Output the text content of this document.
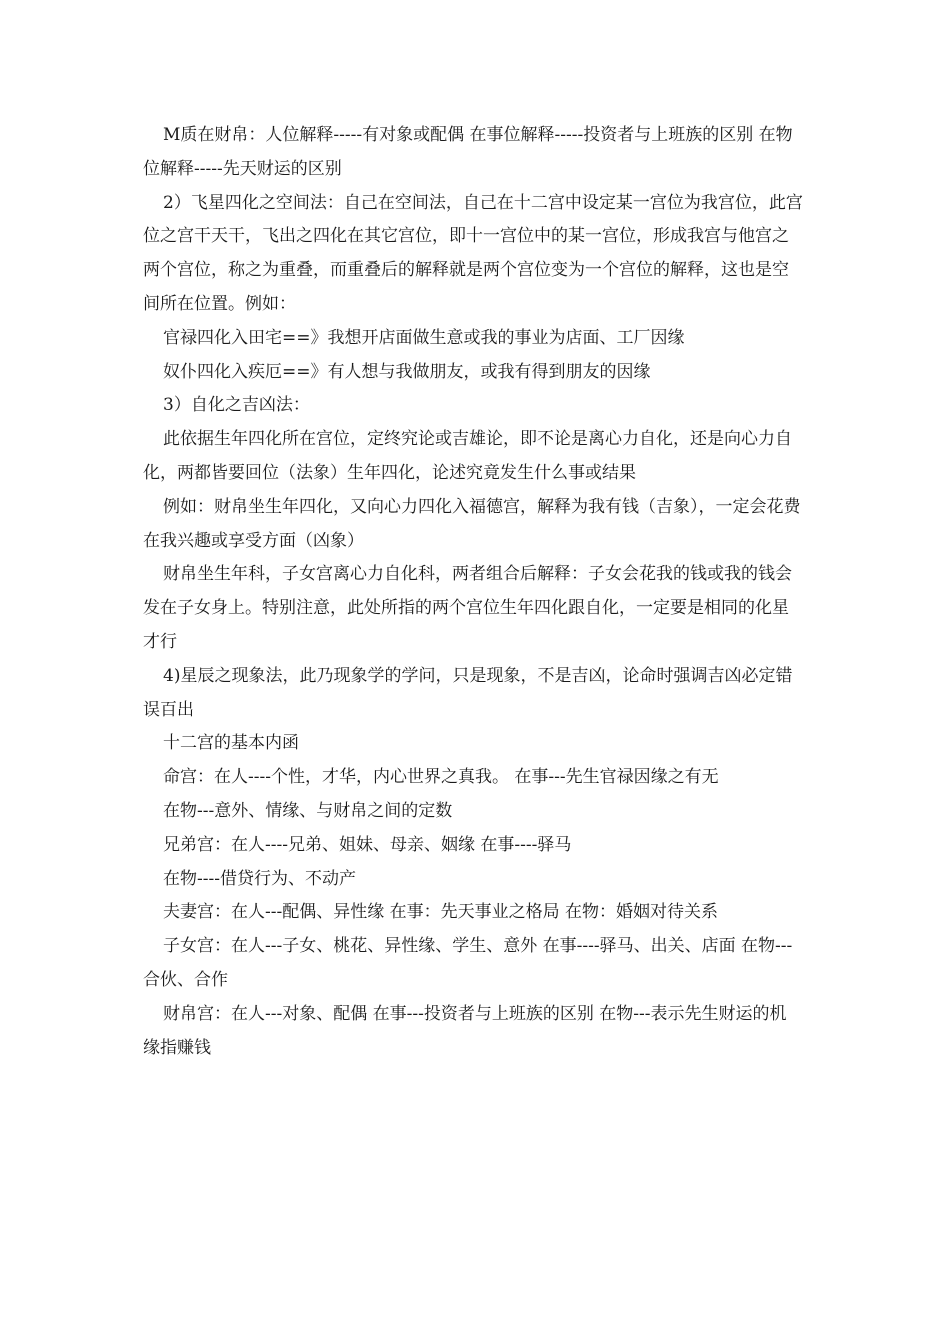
M质在财帛：人位解释-----有对象或配偶 在事位解释-----投资者与上班族的区别 在物位解释-----先天财运的区别

2）飞星四化之空间法：自己在空间法，自己在十二宫中设定某一宫位为我宫位，此宫位之宫干天干，飞出之四化在其它宫位，即十一宫位中的某一宫位，形成我宫与他宫之两个宫位，称之为重叠，而重叠后的解释就是两个宫位变为一个宫位的解释，这也是空间所在位置。例如：

官禄四化入田宅==》我想开店面做生意或我的事业为店面、工厂因缘

奴仆四化入疾厄==》有人想与我做朋友，或我有得到朋友的因缘

3）自化之吉凶法：

此依据生年四化所在宫位，定终究论或吉雄论，即不论是离心力自化，还是向心力自化，两都皆要回位（法象）生年四化，论述究竟发生什么事或结果

例如：财帛坐生年四化，又向心力四化入福德宫，解释为我有钱（吉象），一定会花费在我兴趣或享受方面（凶象）

财帛坐生年科，子女宫离心力自化科，两者组合后解释：子女会花我的钱或我的钱会发在子女身上。特别注意，此处所指的两个宫位生年四化跟自化，一定要是相同的化星才行

4)星辰之现象法，此乃现象学的学问，只是现象，不是吉凶，论命时强调吉凶必定错误百出

十二宫的基本内函

命宫：在人----个性，才华，内心世界之真我。 在事---先生官禄因缘之有无

在物---意外、情缘、与财帛之间的定数

兄弟宫：在人----兄弟、姐妹、母亲、姻缘 在事----驿马

在物----借贷行为、不动产

夫妻宫：在人---配偶、异性缘 在事：先天事业之格局 在物：婚姻对待关系

子女宫：在人---子女、桃花、异性缘、学生、意外 在事----驿马、出关、店面 在物---合伙、合作

财帛宫：在人---对象、配偶 在事---投资者与上班族的区别 在物---表示先生财运的机缘指赚钱
